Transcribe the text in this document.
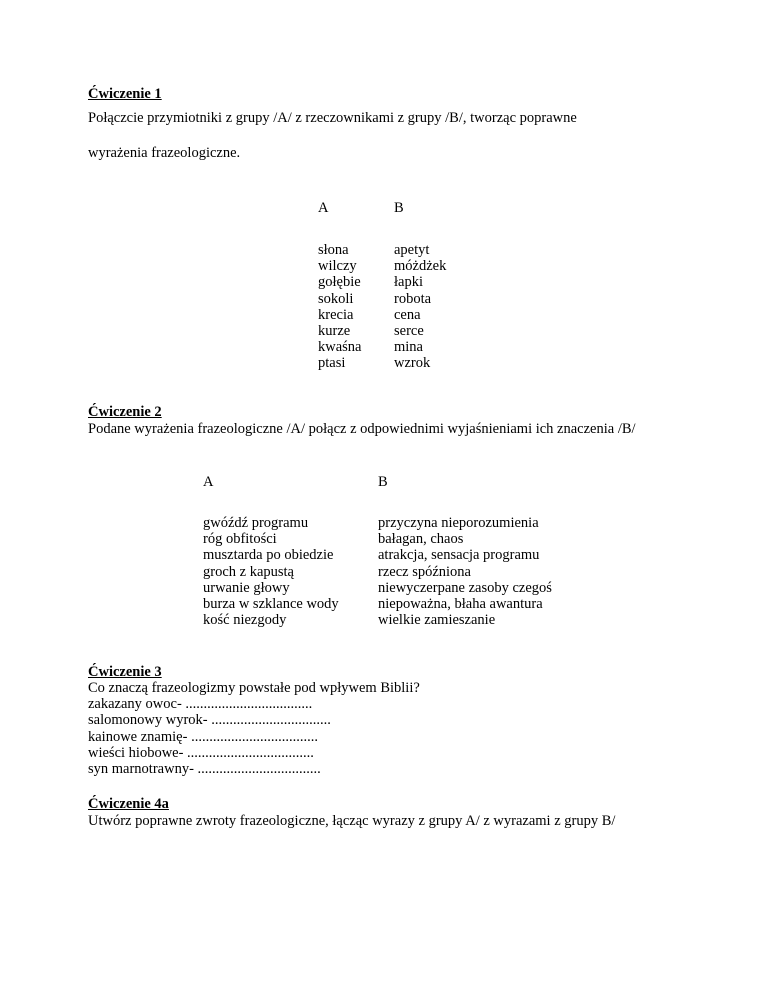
Ćwiczenie 1
Połączcie przymiotniki z grupy /A/ z rzeczownikami z grupy /B/, tworząc poprawne
wyrażenia frazeologiczne.
A	B
słona
wilczy
gołębie
sokoli
krecia
kurze
kwaśna
ptasi
apetyt
móżdżek
łapki
robota
cena
serce
mina
wzrok
Ćwiczenie 2
Podane wyrażenia frazeologiczne /A/ połącz z odpowiednimi wyjaśnieniami ich znaczenia /B/
A	B
gwóźdź programu
róg obfitości
musztarda po obiedzie
groch z kapustą
urwanie głowy
burza w szklance wody
kość niezgody
przyczyna nieporozumienia
bałagan, chaos
atrakcja, sensacja programu
rzecz spóźniona
niewyczerpane zasoby czegoś
niepoważna, błaha awantura
wielkie zamieszanie
Ćwiczenie 3
Co znaczą frazeologizmy powstałe pod wpływem Biblii?
zakazany owoc- ...................................
salomonowy wyrok- .................................
kainowe znamię- ...................................
wieści hiobowe- ...................................
syn marnotrawny- ..................................
Ćwiczenie 4a
Utwórz poprawne zwroty frazeologiczne, łącząc wyrazy z grupy A/ z wyrazami z grupy B/
